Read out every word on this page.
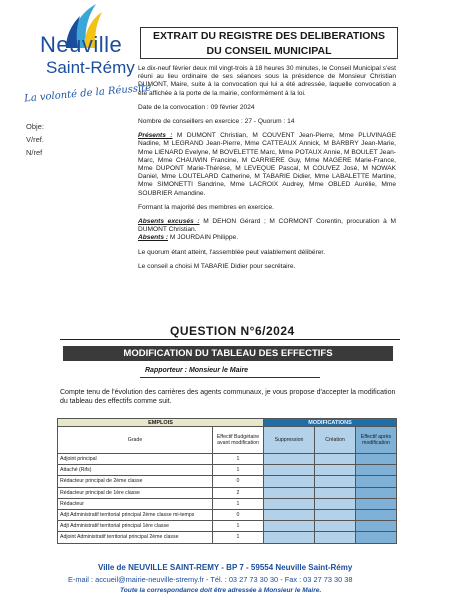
Neuville
Saint-Rémy
La volonté de la Réussite
Obje:
V/ref.
N/ref
EXTRAIT DU REGISTRE DES DELIBERATIONS
DU CONSEIL MUNICIPAL

Le dix-neuf février deux mil vingt-trois à 18 heures 30 minutes, le Conseil Municipal s'est réuni au lieu ordinaire de ses séances sous la présidence de Monsieur Christian DUMONT, Maire, suite à la convocation qui lui a été adressée, laquelle convocation a été affichée à la porte de la mairie, conformément à la loi.

Date de la convocation : 09 février 2024

Nombre de conseillers en exercice : 27 - Quorum : 14

Présents : M DUMONT Christian, M COUVENT Jean-Pierre, Mme PLUVINAGE Nadine, M LEGRAND Jean-Pierre, Mme CATTEAUX Annick, M BARBRY Jean-Marie, Mme LIENARD Evelyne, M BOVELETTE Marc, Mme POTAUX Annie, M BOULET Jean-Marc, Mme CHAUWIN Francine, M CARRIERE Guy, Mme MAGERE Marie-France, Mme DUPONT Marie-Thérèse, M LEVEQUE Pascal, M COUVEZ José, M NOWAK Daniel, Mme LOUTELARD Catherine, M TABARIE Didier, Mme LABALETTE Martine, Mme SIMONETTI Sandrine, Mme LACROIX Audrey, Mme OBLED Aurélie, Mme SOUBRIER Amandine.

Formant la majorité des membres en exercice.

Absents excusés : M DEHON Gérard ; M CORMONT Corentin, procuration à M DUMONT Christian.

Absents : M JOURDAIN Philippe.

Le quorum étant atteint, l'assemblée peut valablement délibérer.

Le conseil a choisi M TABARIE Didier pour secrétaire.

QUESTION N°6/2024
MODIFICATION DU TABLEAU DES EFFECTIFS
Rapporteur : Monsieur le Maire
Compte tenu de l'évolution des carrières des agents communaux, je vous propose d'accepter la modification du tableau des effectifs comme suit.
EMPLOIS		MODIFICATIONS		
Grade	Effectif Budgétaire avant modification	Suppression	Création	Effectif après modification
Adjoint principal	1			
Attaché (Rifs)	1			
Rédacteur principal de 2ème classe	0			
Rédacteur principal de 1ère classe	2			
Rédacteur	1			
Adjt Administratif territorial principal 2ème classe mi-temps	0			
Adjt Administratif territorial principal 1ère classe	1			
Adjoint Administratif territorial principal 2ème classe	1			
Ville de NEUVILLE SAINT-REMY - BP 7 - 59554 Neuville Saint-Rémy
E-mail : accueil@mairie-neuville-stremy.fr - Tél. : 03 27 73 30 30 - Fax : 03 27 73 30 38
Toute la correspondance doit être adressée à Monsieur le Maire.
